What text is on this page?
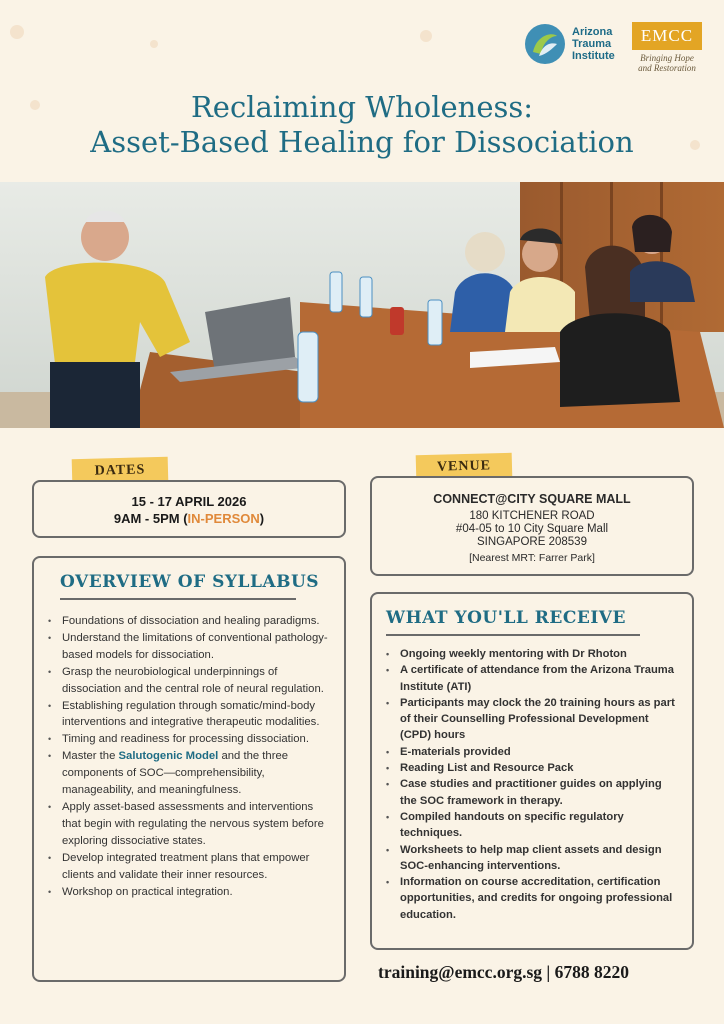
Arizona
Trauma
Institute
EMCC
Bringing Hope
and Restoration
Reclaiming Wholeness:
Asset-Based Healing for Dissociation
DATES
15 - 17 APRIL 2026
9AM - 5PM (IN-PERSON)
VENUE
CONNECT@CITY SQUARE MALL
180 KITCHENER ROAD
#04-05 to 10 City Square Mall
SINGAPORE 208539
[Nearest MRT: Farrer Park]
OVERVIEW OF SYLLABUS
• Foundations of dissociation and healing paradigms.
• Understand the limitations of conventional pathology-based models for dissociation.
• Grasp the neurobiological underpinnings of dissociation and the central role of neural regulation.
• Establishing regulation through somatic/mind-body interventions and integrative therapeutic modalities.
• Timing and readiness for processing dissociation.
• Master the Salutogenic Model and the three components of SOC—comprehensibility, manageability, and meaningfulness.
• Apply asset-based assessments and interventions that begin with regulating the nervous system before exploring dissociative states.
• Develop integrated treatment plans that empower clients and validate their inner resources.
• Workshop on practical integration.
WHAT YOU'LL RECEIVE
• Ongoing weekly mentoring with Dr Rhoton
• A certificate of attendance from the Arizona Trauma Institute (ATI)
• Participants may clock the 20 training hours as part of their Counselling Professional Development (CPD) hours
• E-materials provided
• Reading List and Resource Pack
• Case studies and practitioner guides on applying the SOC framework in therapy.
• Compiled handouts on specific regulatory techniques.
• Worksheets to help map client assets and design SOC-enhancing interventions.
• Information on course accreditation, certification opportunities, and credits for ongoing professional education.
training@emcc.org.sg | 6788 8220
